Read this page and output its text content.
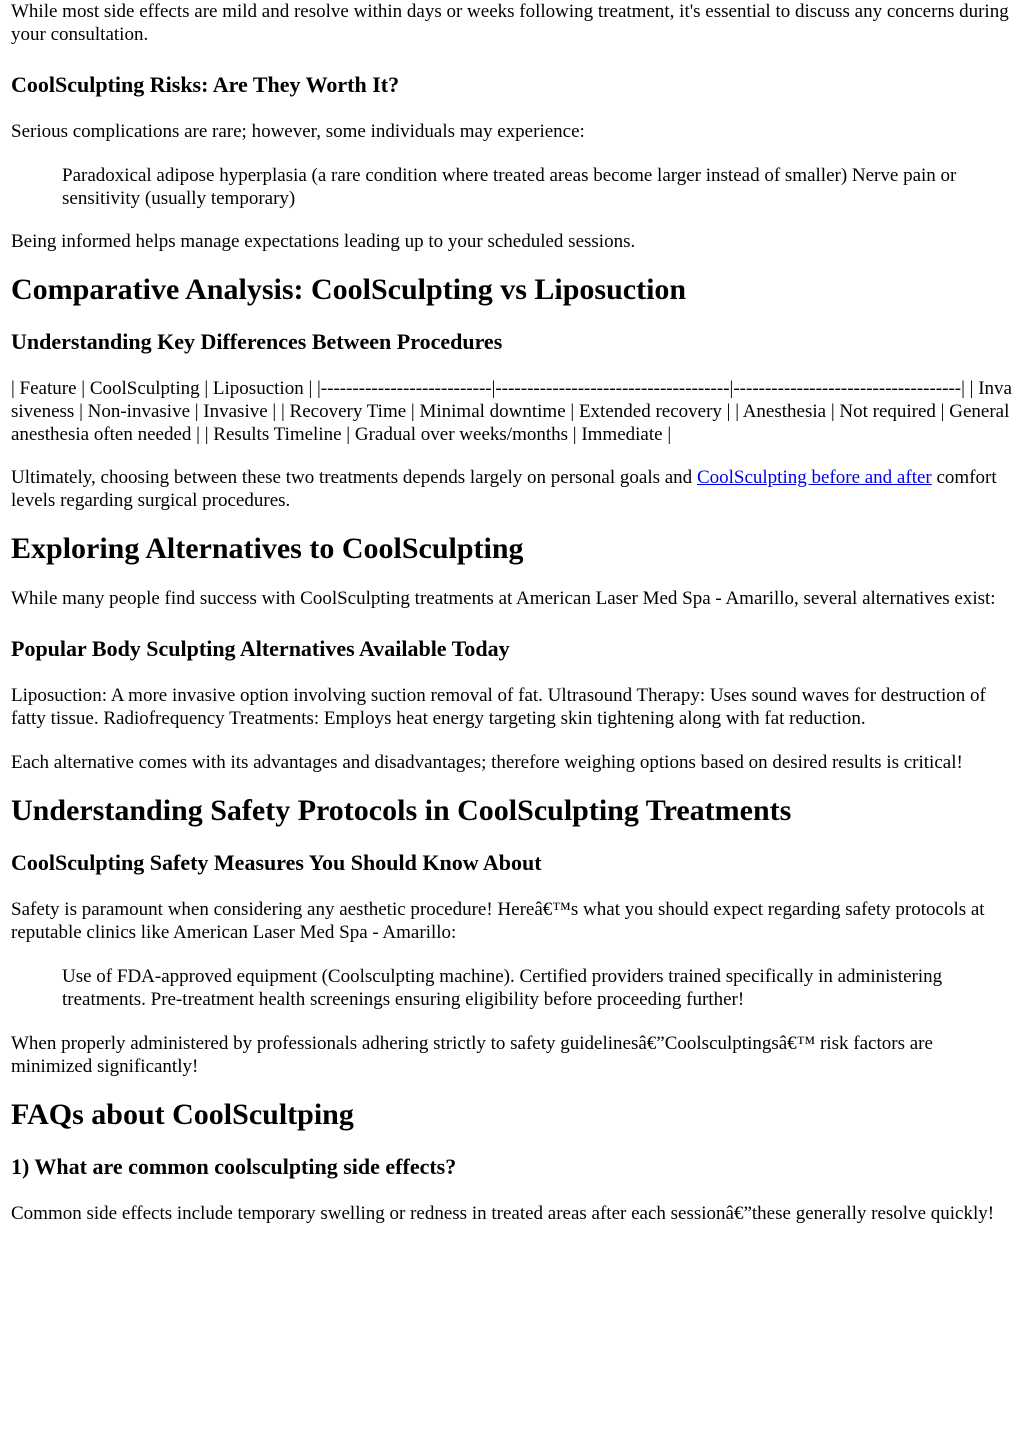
While most side effects are mild and resolve within days or weeks following treatment, it's essential to discuss any concerns during your consultation.

CoolSculpting Risks: Are They Worth It?

Serious complications are rare; however, some individuals may experience:

Paradoxical adipose hyperplasia (a rare condition where treated areas become larger instead of smaller) Nerve pain or sensitivity (usually temporary)

Being informed helps manage expectations leading up to your scheduled sessions.

Comparative Analysis: CoolSculpting vs Liposuction
Understanding Key Differences Between Procedures

| Feature | CoolSculpting | Liposuction | |---------------------------|-------------------------------------|------------------------------------| | Invasiveness | Non-invasive | Invasive | | Recovery Time | Minimal downtime | Extended recovery | | Anesthesia | Not required | General anesthesia often needed | | Results Timeline | Gradual over weeks/months | Immediate |

Ultimately, choosing between these two treatments depends largely on personal goals and CoolSculpting before and after comfort levels regarding surgical procedures.

Exploring Alternatives to CoolSculpting

While many people find success with CoolSculpting treatments at American Laser Med Spa - Amarillo, several alternatives exist:

Popular Body Sculpting Alternatives Available Today

Liposuction: A more invasive option involving suction removal of fat. Ultrasound Therapy: Uses sound waves for destruction of fatty tissue. Radiofrequency Treatments: Employs heat energy targeting skin tightening along with fat reduction.

Each alternative comes with its advantages and disadvantages; therefore weighing options based on desired results is critical!

Understanding Safety Protocols in CoolSculpting Treatments
CoolSculpting Safety Measures You Should Know About

Safety is paramount when considering any aesthetic procedure! Hereâ€™s what you should expect regarding safety protocols at reputable clinics like American Laser Med Spa - Amarillo:

Use of FDA-approved equipment (Coolsculpting machine). Certified providers trained specifically in administering treatments. Pre-treatment health screenings ensuring eligibility before proceeding further!

When properly administered by professionals adhering strictly to safety guidelinesâ€”Coolsculptingsâ€™ risk factors are minimized significantly!

FAQs about CoolScultping
1) What are common coolsculpting side effects?

Common side effects include temporary swelling or redness in treated areas after each sessionâ€”these generally resolve quickly!
